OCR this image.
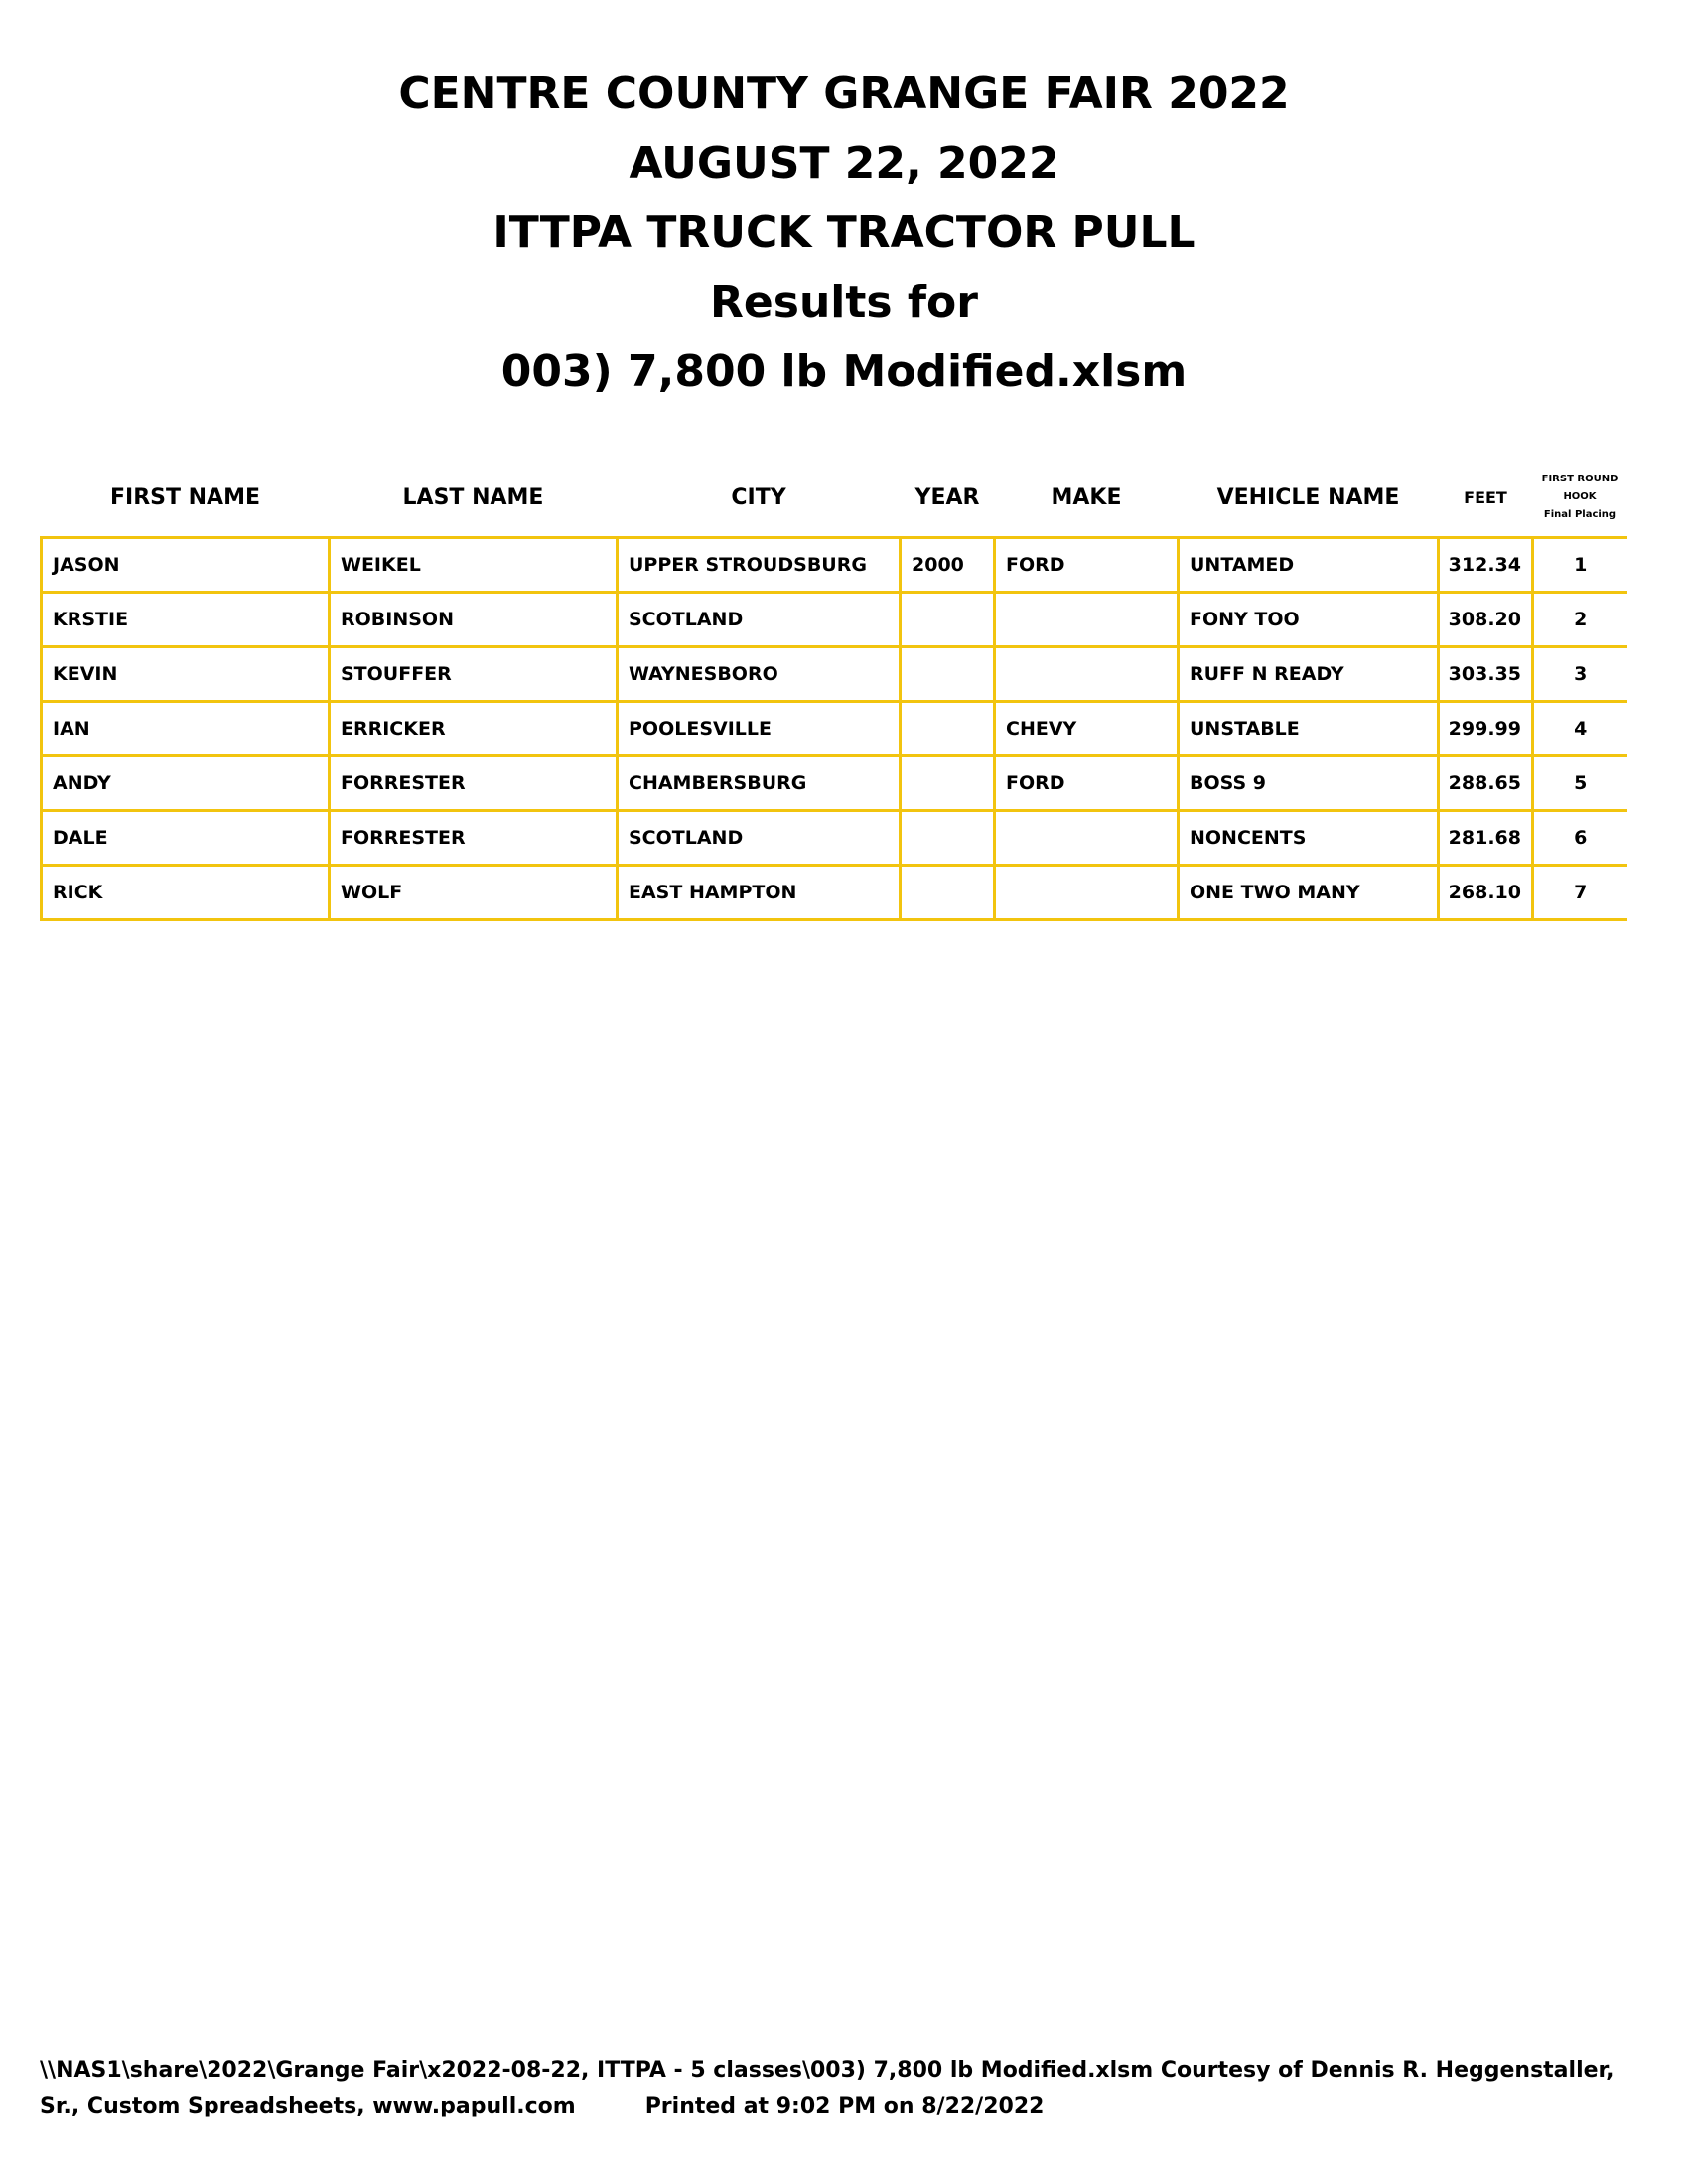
CENTRE COUNTY GRANGE FAIR 2022
AUGUST 22, 2022
ITTPA TRUCK TRACTOR PULL
Results for
003) 7,800 lb Modified.xlsm
FIRST NAME	LAST NAME	CITY	YEAR	MAKE	VEHICLE NAME	FEET	FIRST ROUND
HOOK
Final Placing

JASON	WEIKEL	UPPER STROUDSBURG	2000	FORD	UNTAMED	312.34	1
KRSTIE	ROBINSON	SCOTLAND			FONY TOO	308.20	2
KEVIN	STOUFFER	WAYNESBORO			RUFF N READY	303.35	3
IAN	ERRICKER	POOLESVILLE		CHEVY	UNSTABLE	299.99	4
ANDY	FORRESTER	CHAMBERSBURG		FORD	BOSS 9	288.65	5
DALE	FORRESTER	SCOTLAND			NONCENTS	281.68	6
RICK	WOLF	EAST HAMPTON			ONE TWO MANY	268.10	7
\\NAS1\share\2022\Grange Fair\x2022-08-22, ITTPA - 5 classes\003) 7,800 lb Modified.xlsm Courtesy of Dennis R. Heggenstaller,
Sr., Custom Spreadsheets, www.papull.com	Printed at 9:02 PM on 8/22/2022
